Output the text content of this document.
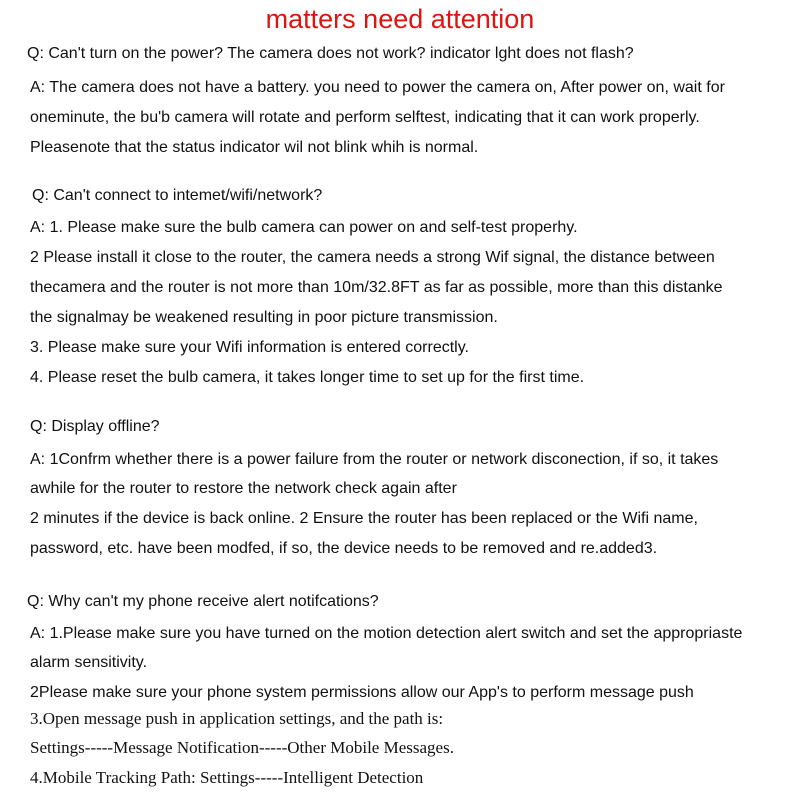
matters need attention
Q: Can't turn on the power? The camera does not work? indicator lght does not flash?
A: The camera does not have a battery. you need to power the camera on, After power on, wait for
oneminute, the bu'b camera will rotate and perform selftest, indicating that it can work properly.
Pleasenote that the status indicator wil not blink whih is normal.
Q: Can't connect to intemet/wifi/network?
A: 1. Please make sure the bulb camera can power on and self-test properhy.
2 Please install it close to the router, the camera needs a strong Wif signal, the distance between
thecamera and the router is not more than 10m/32.8FT as far as possible, more than this distanke
the signalmay be weakened resulting in poor picture transmission.
3. Please make sure your Wifi information is entered correctly.
4. Please reset the bulb camera, it takes longer time to set up for the first time.
Q: Display offline?
A: 1Confrm whether there is a power failure from the router or network disconection, if so, it takes
awhile for the router to restore the network check again after
2 minutes if the device is back online. 2 Ensure the router has been replaced or the Wifi name,
password, etc. have been modfed, if so, the device needs to be removed and re.added3.
Q: Why can't my phone receive alert notifcations?
A: 1.Please make sure you have turned on the motion detection alert switch and set the appropriaste
alarm sensitivity.
2Please make sure your phone system permissions allow our App's to perform message push
3.Open message push in application settings, and the path is:
Settings-----Message Notification-----Other Mobile Messages.
4.Mobile Tracking Path: Settings-----Intelligent Detection
